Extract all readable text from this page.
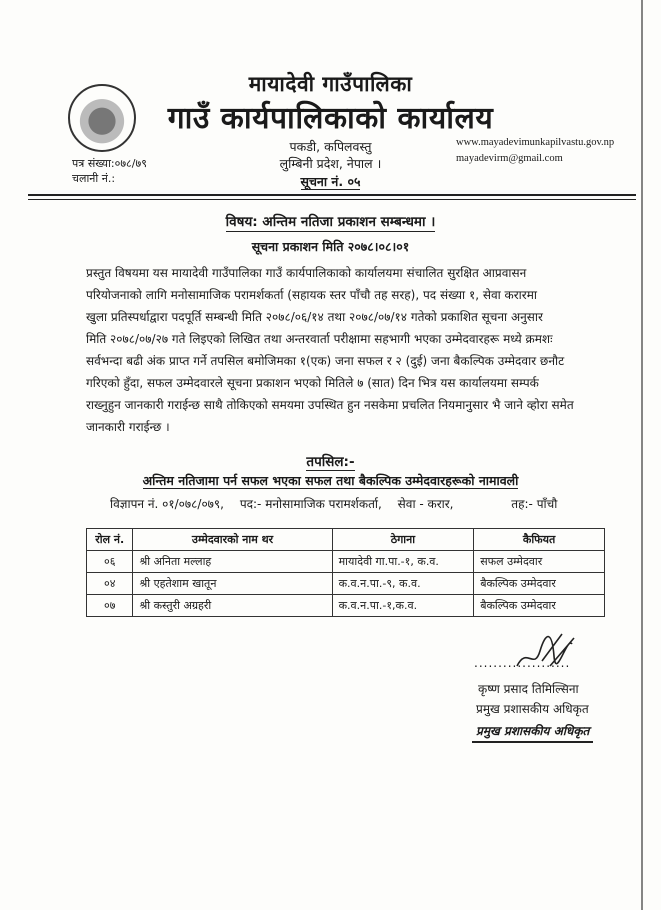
मायादेवी गाउँपालिका
गाउँ कार्यपालिकाको कार्यालय
पकडी, कपिलवस्तु
लुम्बिनी प्रदेश, नेपाल ।
पत्र संख्या:०७८/७९
चलानी नं.:
www.mayadevimunkapilvastu.gov.np
mayadevirm@gmail.com
सूचना नं. ०५
विषय: अन्तिम नतिजा प्रकाशन सम्बन्धमा ।
सूचना प्रकाशन मिति २०७८।०८।०१
प्रस्तुत विषयमा यस मायादेवी गाउँपालिका गाउँ कार्यपालिकाको कार्यालयमा संचालित सुरक्षित आप्रवासन
परियोजनाको लागि मनोसामाजिक परामर्शकर्ता (सहायक स्तर पाँचौ तह सरह), पद संख्या १, सेवा करारमा
खुला प्रतिस्पर्धाद्वारा पदपूर्ति सम्बन्धी मिति २०७८/०६/१४ तथा २०७८/०७/१४ गतेको प्रकाशित सूचना अनुसार
मिति २०७८/०७/२७ गते लिइएको लिखित तथा अन्तरवार्ता परीक्षामा सहभागी भएका उम्मेदवारहरू मध्ये क्रमशः
सर्वभन्दा बढी अंक प्राप्त गर्ने तपसिल बमोजिमका १(एक) जना सफल र २ (दुई) जना बैकल्पिक उम्मेदवार छनौट
गरिएको हुँदा, सफल उम्मेदवारले सूचना प्रकाशन भएको मितिले ७ (सात) दिन भित्र यस कार्यालयमा सम्पर्क
राख्नुहुन जानकारी गराईन्छ साथै तोकिएको समयमा उपस्थित हुन नसकेमा प्रचलित नियमानुसार भै जाने व्होरा समेत
जानकारी गराईन्छ ।
तपसिल:-
अन्तिम नतिजामा पर्न सफल भएका सफल तथा बैकल्पिक उम्मेदवारहरूको नामावली
विज्ञापन नं. ०१/०७८/०७९, पद:- मनोसामाजिक परामर्शकर्ता, सेवा - करार,	तह:- पाँचौ
रोल नं.	उम्मेदवारको नाम थर	ठेगाना	कैफियत
०६	श्री अनिता मल्लाह	मायादेवी गा.पा.-१, क.व.	सफल उम्मेदवार
०४	श्री एहतेशाम खातून	क.व.न.पा.-९, क.व.	बैकल्पिक उम्मेदवार
०७	श्री कस्तुरी अग्रहरी	क.व.न.पा.-१,क.व.	बैकल्पिक उम्मेदवार
....................
कृष्ण प्रसाद तिमिल्सिना
प्रमुख प्रशासकीय अधिकृत
प्रमुख प्रशासकीय अधिकृत
